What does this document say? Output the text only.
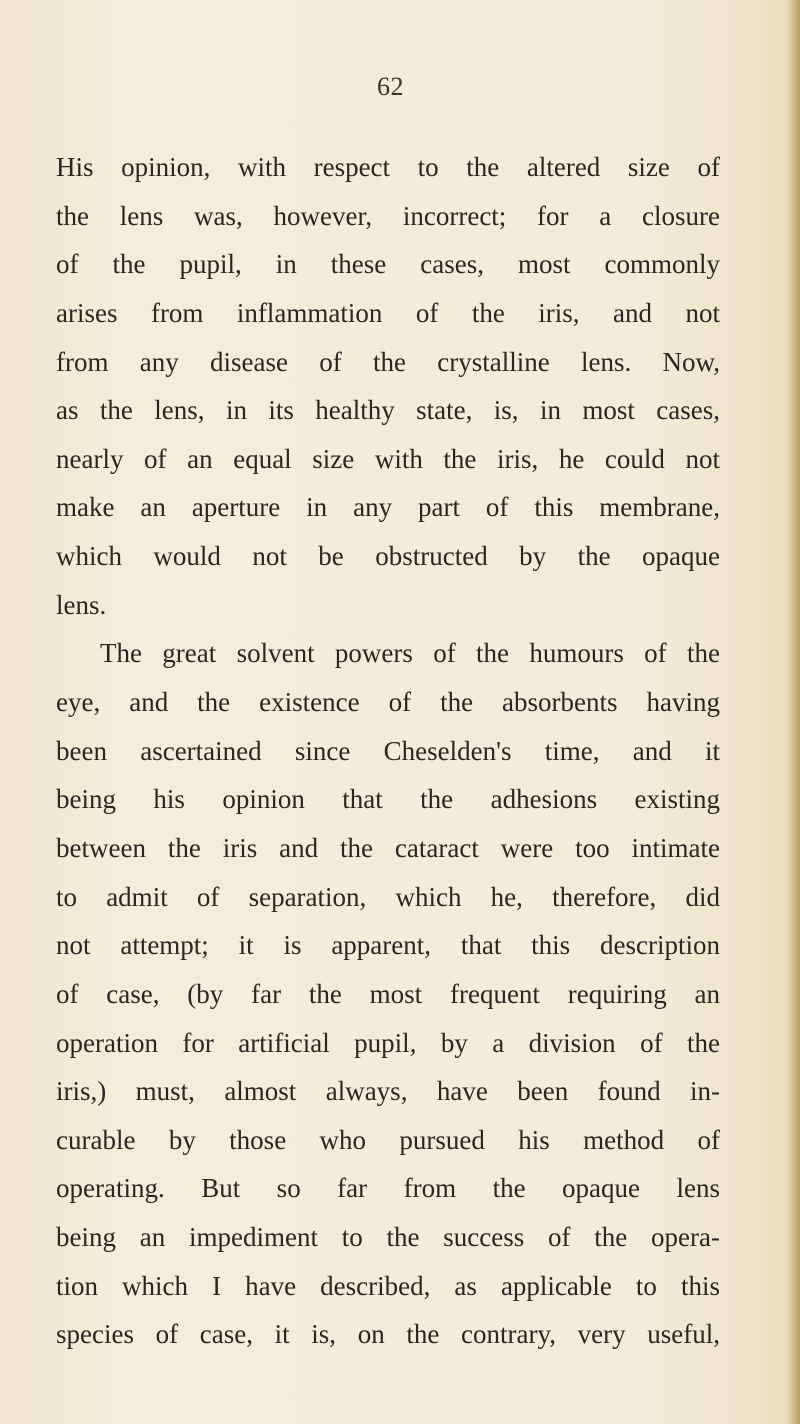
62
His opinion, with respect to the altered size of
the lens was, however, incorrect; for a closure
of the pupil, in these cases, most commonly
arises from inflammation of the iris, and not
from any disease of the crystalline lens. Now,
as the lens, in its healthy state, is, in most cases,
nearly of an equal size with the iris, he could not
make an aperture in any part of this membrane,
which would not be obstructed by the opaque
lens.
The great solvent powers of the humours of the
eye, and the existence of the absorbents having
been ascertained since Cheselden's time, and it
being his opinion that the adhesions existing
between the iris and the cataract were too intimate
to admit of separation, which he, therefore, did
not attempt; it is apparent, that this description
of case, (by far the most frequent requiring an
operation for artificial pupil, by a division of the
iris,) must, almost always, have been found in-
curable by those who pursued his method of
operating. But so far from the opaque lens
being an impediment to the success of the opera-
tion which I have described, as applicable to this
species of case, it is, on the contrary, very useful,
